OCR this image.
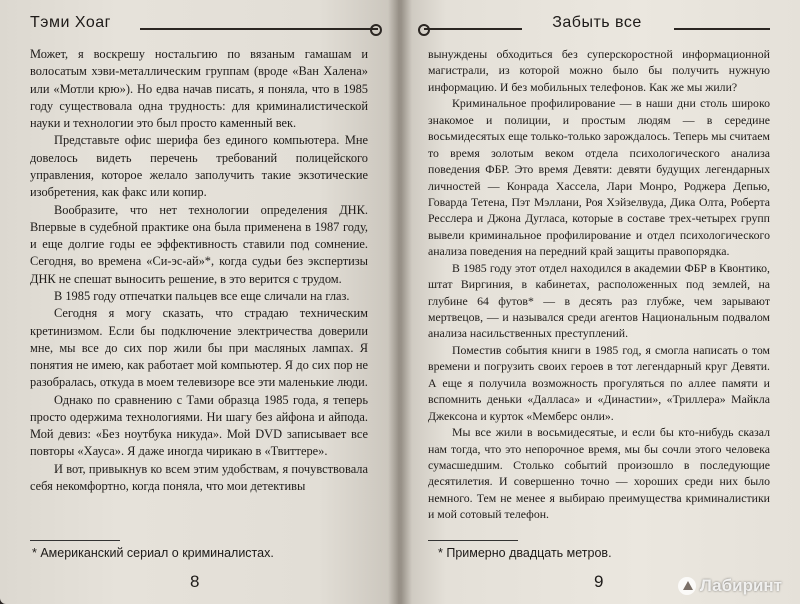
Тэми Хоаг

Может, я воскрешу ностальгию по вязаным гамашам и волосатым хэви-металлическим группам (вроде «Ван Халена» или «Мотли крю»). Но едва начав писать, я поняла, что в 1985 году существовала одна трудность: для криминалистической науки и технологии это был просто каменный век.

Представьте офис шерифа без единого компьютера. Мне довелось видеть перечень требований полицейского управления, которое желало заполучить такие экзотические изобретения, как факс или копир.

Вообразите, что нет технологии определения ДНК. Впервые в судебной практике она была применена в 1987 году, и еще долгие годы ее эффективность ставили под сомнение. Сегодня, во времена «Си-эс-ай»*, когда судьи без экспертизы ДНК не спешат выносить решение, в это верится с трудом.

В 1985 году отпечатки пальцев все еще сличали на глаз.

Сегодня я могу сказать, что страдаю техническим кретинизмом. Если бы подключение электричества доверили мне, мы все до сих пор жили бы при масляных лампах. Я понятия не имею, как работает мой компьютер. Я до сих пор не разобралась, откуда в моем телевизоре все эти маленькие люди.

Однако по сравнению с Тами образца 1985 года, я теперь просто одержима технологиями. Ни шагу без айфона и айпода. Мой девиз: «Без ноутбука никуда». Мой DVD записывает все повторы «Хауса». Я даже иногда чирикаю в «Твиттере».

И вот, привыкнув ко всем этим удобствам, я почувствовала себя некомфортно, когда поняла, что мои детективы

* Американский сериал о криминалистах.
8
Забыть все

вынуждены обходиться без суперскоростной информационной магистрали, из которой можно было бы получить нужную информацию. И без мобильных телефонов. Как же мы жили?

Криминальное профилирование — в наши дни столь широко знакомое и полиции, и простым людям — в середине восьмидесятых еще только-только зарождалось. Теперь мы считаем то время золотым веком отдела психологического анализа поведения ФБР. Это время Девяти: девяти будущих легендарных личностей — Конрада Хассела, Лари Монро, Роджера Депью, Говарда Тетена, Пэт Мэллани, Роя Хэйзелвуда, Дика Олта, Роберта Ресслера и Джона Дугласа, которые в составе трех-четырех групп вывели криминальное профилирование и отдел психологического анализа поведения на передний край защиты правопорядка.

В 1985 году этот отдел находился в академии ФБР в Квонтико, штат Виргиния, в кабинетах, расположенных под землей, на глубине 64 футов* — в десять раз глубже, чем зарывают мертвецов, — и назывался среди агентов Национальным подвалом анализа насильственных преступлений.

Поместив события книги в 1985 год, я смогла написать о том времени и погрузить своих героев в тот легендарный круг Девяти. А еще я получила возможность прогуляться по аллее памяти и вспомнить деньки «Далласа» и «Династии», «Триллера» Майкла Джексона и курток «Мемберс онли».

Мы все жили в восьмидесятые, и если бы кто-нибудь сказал нам тогда, что это непорочное время, мы бы сочли этого человека сумасшедшим. Столько событий произошло в последующие десятилетия. И совершенно точно — хороших среди них было немного. Тем не менее я выбираю преимущества криминалистики и мой сотовый телефон.

* Примерно двадцать метров.
9	Лабиринт
